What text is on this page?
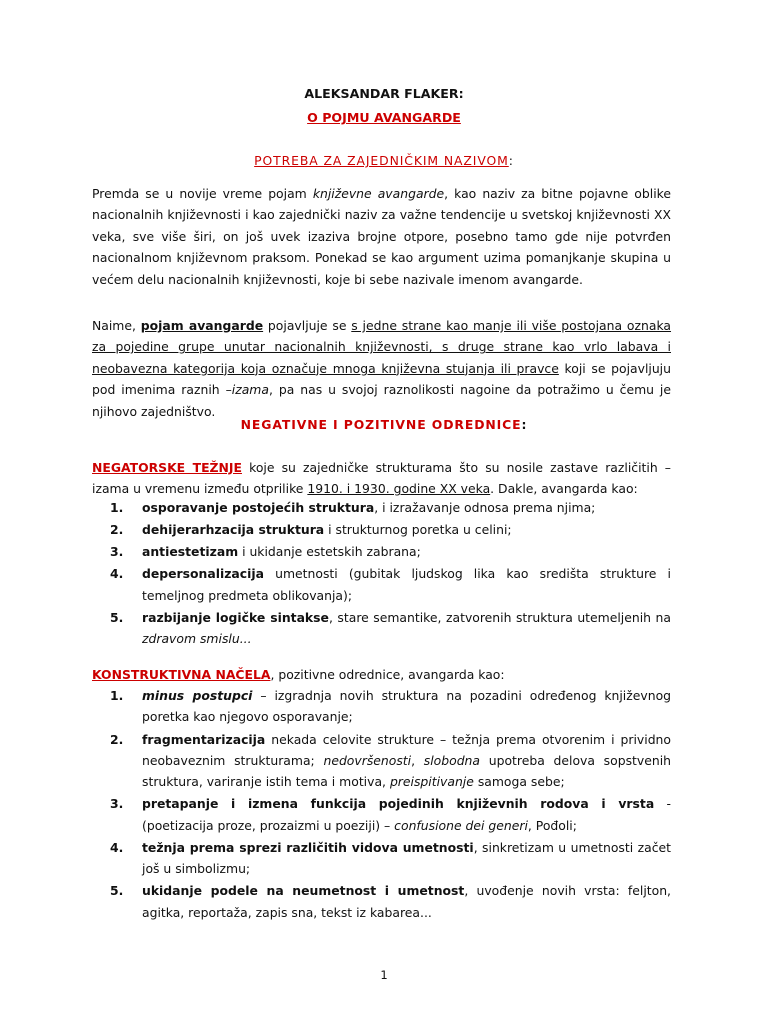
ALEKSANDAR FLAKER:
O POJMU AVANGARDE
POTREBA ZA ZAJEDNIČKIM NAZIVOM:
Premda se u novije vreme pojam književne avangarde, kao naziv za bitne pojavne oblike nacionalnih književnosti i kao zajednički naziv za važne tendencije u svetskoj književnosti XX veka, sve više širi, on još uvek izaziva brojne otpore, posebno tamo gde nije potvrđen nacionalnom književnom praksom. Ponekad se kao argument uzima pomanjkanje skupina u većem delu nacionalnih književnosti, koje bi sebe nazivale imenom avangarde.
Naime, pojam avangarde pojavljuje se s jedne strane kao manje ili više postojana oznaka za pojedine grupe unutar nacionalnih književnosti, s druge strane kao vrlo labava i neobavezna kategorija koja označuje mnoga književna stujanja ili pravce koji se pojavljuju pod imenima raznih –izama, pa nas u svojoj raznolikosti nagoine da potražimo u čemu je njihovo zajedništvo.
NEGATIVNE I POZITIVNE ODREDNICE:
NEGATORSKE TEŽNJE koje su zajedničke strukturama što su nosile zastave različitih –izama u vremenu između otprilike 1910. i 1930. godine XX veka. Dakle, avangarda kao:
1. osporavanje postojećih struktura, i izražavanje odnosa prema njima;
2. dehijerarhzacija struktura i strukturnog poretka u celini;
3. antiestetizam i ukidanje estetskih zabrana;
4. depersonalizacija umetnosti (gubitak ljudskog lika kao središta strukture i temeljnog predmeta oblikovanja);
5. razbijanje logičke sintakse, stare semantike, zatvorenih struktura utemeljenih na zdravom smislu...
KONSTRUKTIVNA NAČELA, pozitivne odrednice, avangarda kao:
1. minus postupci – izgradnja novih struktura na pozadini određenog književnog poretka kao njegovo osporavanje;
2. fragmentarizacija nekada celovite strukture – težnja prema otvorenim i prividno neobaveznim strukturama; nedovršenosti, slobodna upotreba delova sopstvenih struktura, variranje istih tema i motiva, preispitivanje samoga sebe;
3. pretapanje i izmena funkcija pojedinih književnih rodova i vrsta - (poetizacija proze, prozaizmi u poeziji) – confusione dei generi, Pođoli;
4. težnja prema sprezi različitih vidova umetnosti, sinkretizam u umetnosti začet još u simbolizmu;
5. ukidanje podele na neumetnost i umetnost, uvođenje novih vrsta: feljton, agitka, reportaža, zapis sna, tekst iz kabarea...
1
